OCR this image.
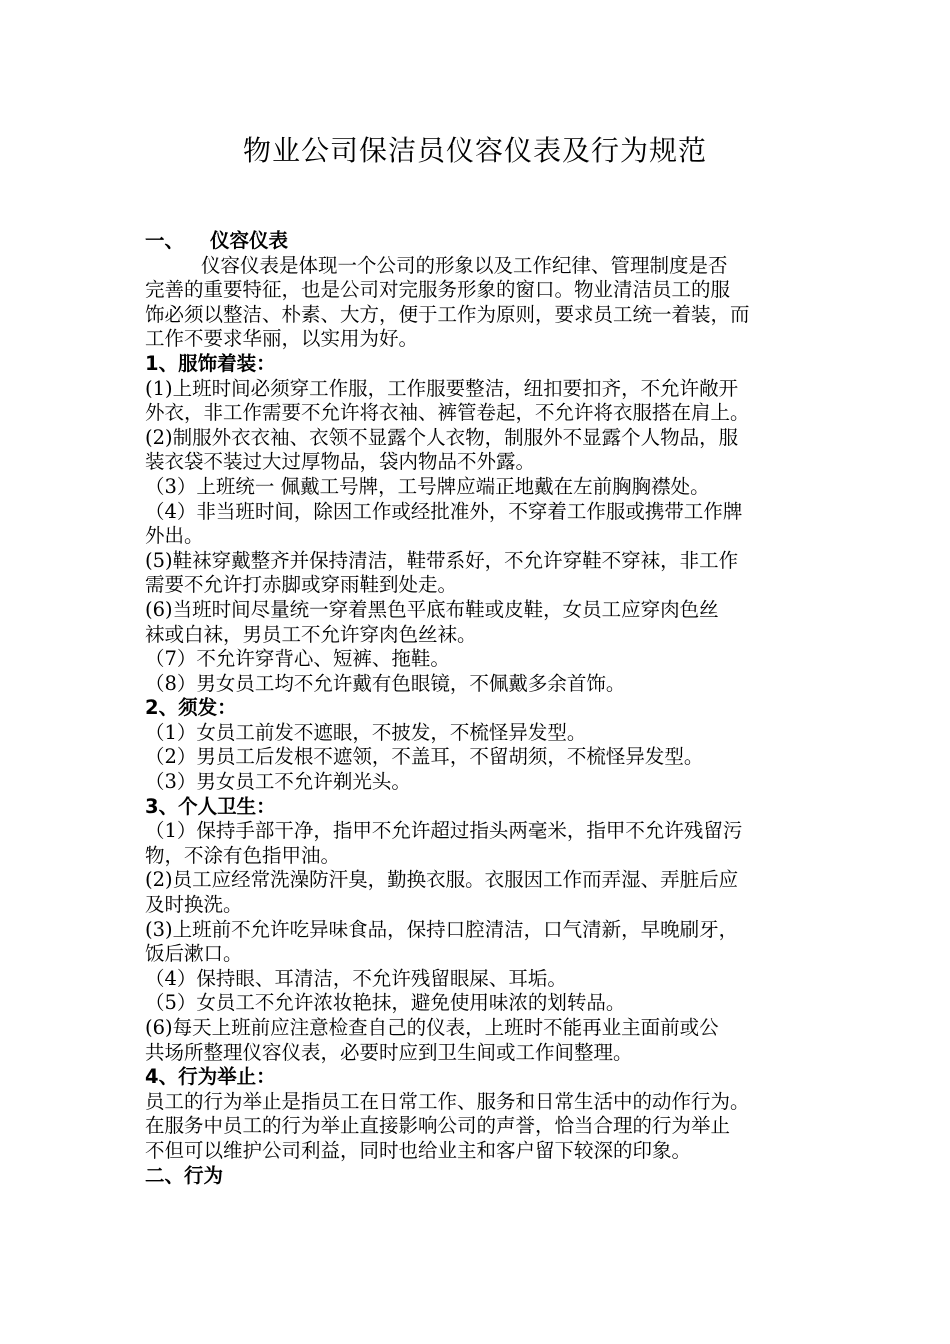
物业公司保洁员仪容仪表及行为规范
一、 仪容仪表
仪容仪表是体现一个公司的形象以及工作纪律、管理制度是否
完善的重要特征，也是公司对完服务形象的窗口。物业清洁员工的服
饰必须以整洁、朴素、大方，便于工作为原则，要求员工统一着装，而
工作不要求华丽，以实用为好。
1、服饰着装：
(1)上班时间必须穿工作服，工作服要整洁，纽扣要扣齐，不允许敞开
外衣，非工作需要不允许将衣袖、裤管卷起，不允许将衣服搭在肩上。
(2)制服外衣衣袖、衣领不显露个人衣物，制服外不显露个人物品，服
装衣袋不装过大过厚物品，袋内物品不外露。
（3）上班统一 佩戴工号牌，工号牌应端正地戴在左前胸胸襟处。
（4）非当班时间，除因工作或经批准外，不穿着工作服或携带工作牌
外出。
(5)鞋袜穿戴整齐并保持清洁，鞋带系好，不允许穿鞋不穿袜，非工作
需要不允许打赤脚或穿雨鞋到处走。
(6)当班时间尽量统一穿着黑色平底布鞋或皮鞋，女员工应穿肉色丝
袜或白袜，男员工不允许穿肉色丝袜。
（7）不允许穿背心、短裤、拖鞋。
（8）男女员工均不允许戴有色眼镜，不佩戴多余首饰。
2、须发：
（1）女员工前发不遮眼，不披发，不梳怪异发型。
（2）男员工后发根不遮领，不盖耳，不留胡须，不梳怪异发型。
（3）男女员工不允许剃光头。
3、个人卫生：
（1）保持手部干净，指甲不允许超过指头两毫米，指甲不允许残留污
物，不涂有色指甲油。
(2)员工应经常洗澡防汗臭，勤换衣服。衣服因工作而弄湿、弄脏后应
及时换洗。
(3)上班前不允许吃异味食品，保持口腔清洁，口气清新，早晚刷牙，
饭后漱口。
（4）保持眼、耳清洁，不允许残留眼屎、耳垢。
（5）女员工不允许浓妆艳抹，避免使用味浓的划转品。
(6)每天上班前应注意检查自己的仪表，上班时不能再业主面前或公
共场所整理仪容仪表，必要时应到卫生间或工作间整理。
4、行为举止：
员工的行为举止是指员工在日常工作、服务和日常生活中的动作行为。
在服务中员工的行为举止直接影响公司的声誉，恰当合理的行为举止
不但可以维护公司利益，同时也给业主和客户留下较深的印象。
二、行为
